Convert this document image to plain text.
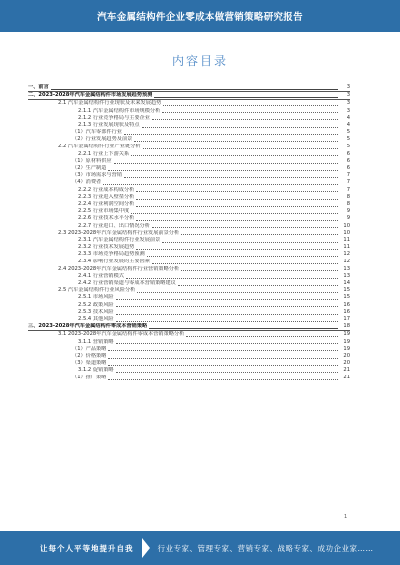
汽车金属结构件企业零成本做营销策略研究报告
内容目录
一、前言	3
二、2023-2028年汽车金属结构件市场发展趋势预测	3
2.1 汽车金属结构件行业现状及未来发展趋势	3
2.1.1 汽车金属结构件市场规模分析	3
2.1.2 行业竞争格局与主要企业	4
2.1.3 行业发展现状及特点	4
（1）汽车零部件行业	5
（2）行业发展趋势及前景	5
2.2 汽车金属结构件行业产业链分析	5
2.2.1 行业上下游关系	6
（1）原材料供应	6
（2）生产制造	6
（3）市场需求与营销	7
（4）消费者	7
2.2.2 行业成本构成分析	7
2.2.3 行业进入壁垒分析	8
2.2.4 行业利润空间分析	8
2.2.5 行业市场集中度	9
2.2.6 行业技术水平分析	9
2.2.7 行业进口、出口情况分析	10
2.3 2023-2028年汽车金属结构件行业发展前景分析	10
2.3.1 汽车金属结构件行业发展前景	11
2.3.2 行业技术发展趋势	11
2.3.3 市场竞争格局趋势预测	12
2.3.4 影响行业发展的主要因素	12
2.4 2023-2028年汽车金属结构件行业营销策略分析	13
2.4.1 行业营销模式	13
2.4.2 行业营销渠道与零成本营销策略建议	14
2.5 汽车金属结构件行业风险分析	15
2.5.1 市场风险	15
2.5.2 政策风险	16
2.5.3 技术风险	16
2.5.4 其他风险	17
三、2023-2028年汽车金属结构件零成本营销策略	18
3.1 2023-2028年汽车金属结构件零成本营销策略分析	19
3.1.1 营销策略	19
（1）产品策略	19
（2）价格策略	20
（3）渠道策略	20
3.1.2 促销策略	21
（1）推广策略	21
1
让每个人平等地提升自我	行业专家、管理专家、营销专家、战略专家、成功企业家……
